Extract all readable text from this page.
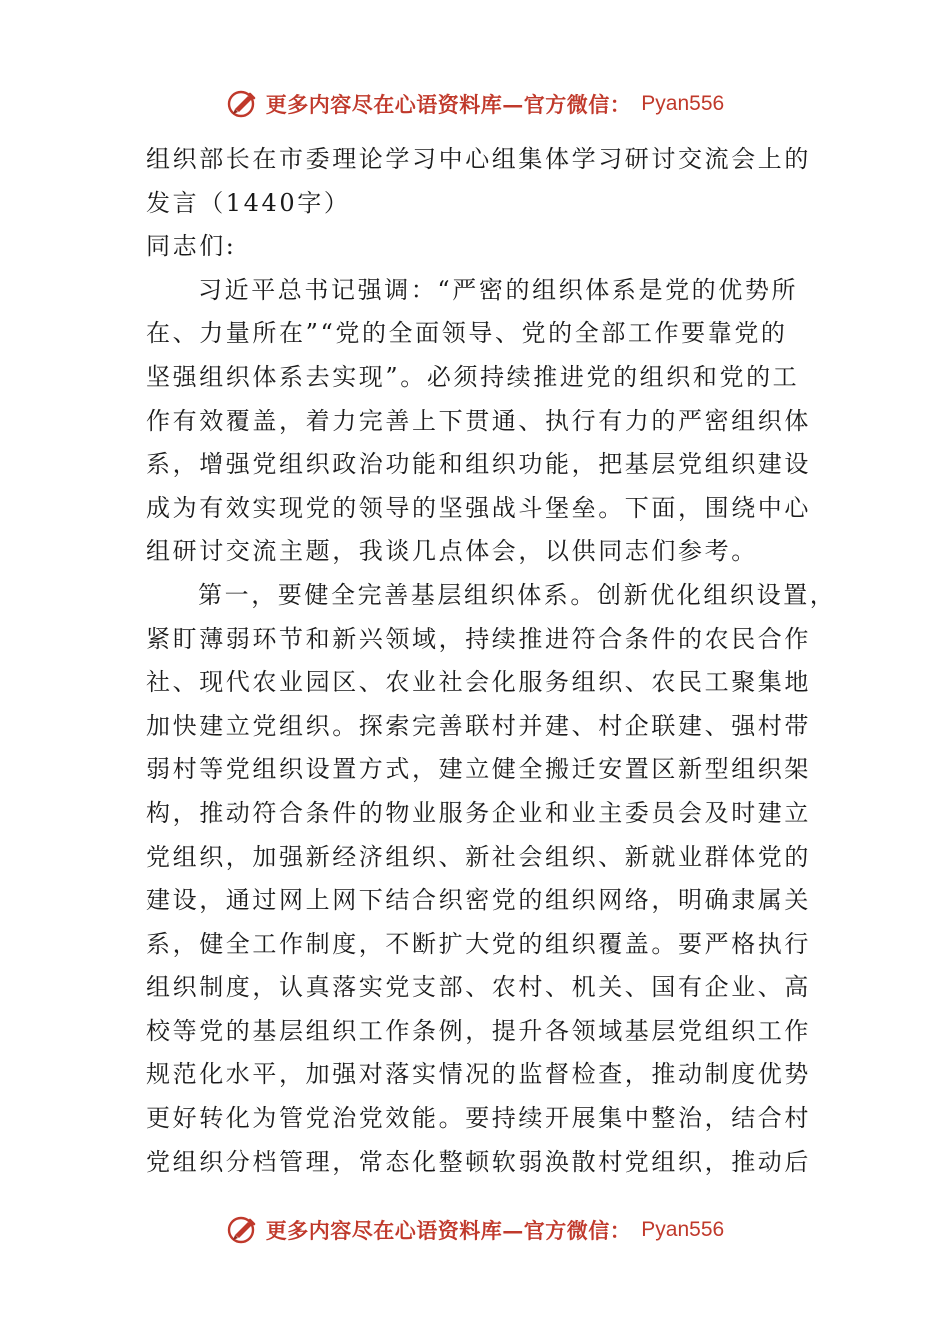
更多内容尽在心语资料库—官方微信： Pyan556
组织部长在市委理论学习中心组集体学习研讨交流会上的
发言（1440字）
同志们:
习近平总书记强调：“严密的组织体系是党的优势所
在、力量所在”“党的全面领导、党的全部工作要靠党的
坚强组织体系去实现”。必须持续推进党的组织和党的工
作有效覆盖，着力完善上下贯通、执行有力的严密组织体
系，增强党组织政治功能和组织功能，把基层党组织建设
成为有效实现党的领导的坚强战斗堡垒。下面，围绕中心
组研讨交流主题，我谈几点体会，以供同志们参考。
第一，要健全完善基层组织体系。创新优化组织设置，
紧盯薄弱环节和新兴领域，持续推进符合条件的农民合作
社、现代农业园区、农业社会化服务组织、农民工聚集地
加快建立党组织。探索完善联村并建、村企联建、强村带
弱村等党组织设置方式，建立健全搬迁安置区新型组织架
构，推动符合条件的物业服务企业和业主委员会及时建立
党组织，加强新经济组织、新社会组织、新就业群体党的
建设，通过网上网下结合织密党的组织网络，明确隶属关
系，健全工作制度，不断扩大党的组织覆盖。要严格执行
组织制度，认真落实党支部、农村、机关、国有企业、高
校等党的基层组织工作条例，提升各领域基层党组织工作
规范化水平，加强对落实情况的监督检查，推动制度优势
更好转化为管党治党效能。要持续开展集中整治，结合村
党组织分档管理，常态化整顿软弱涣散村党组织，推动后
更多内容尽在心语资料库—官方微信： Pyan556
